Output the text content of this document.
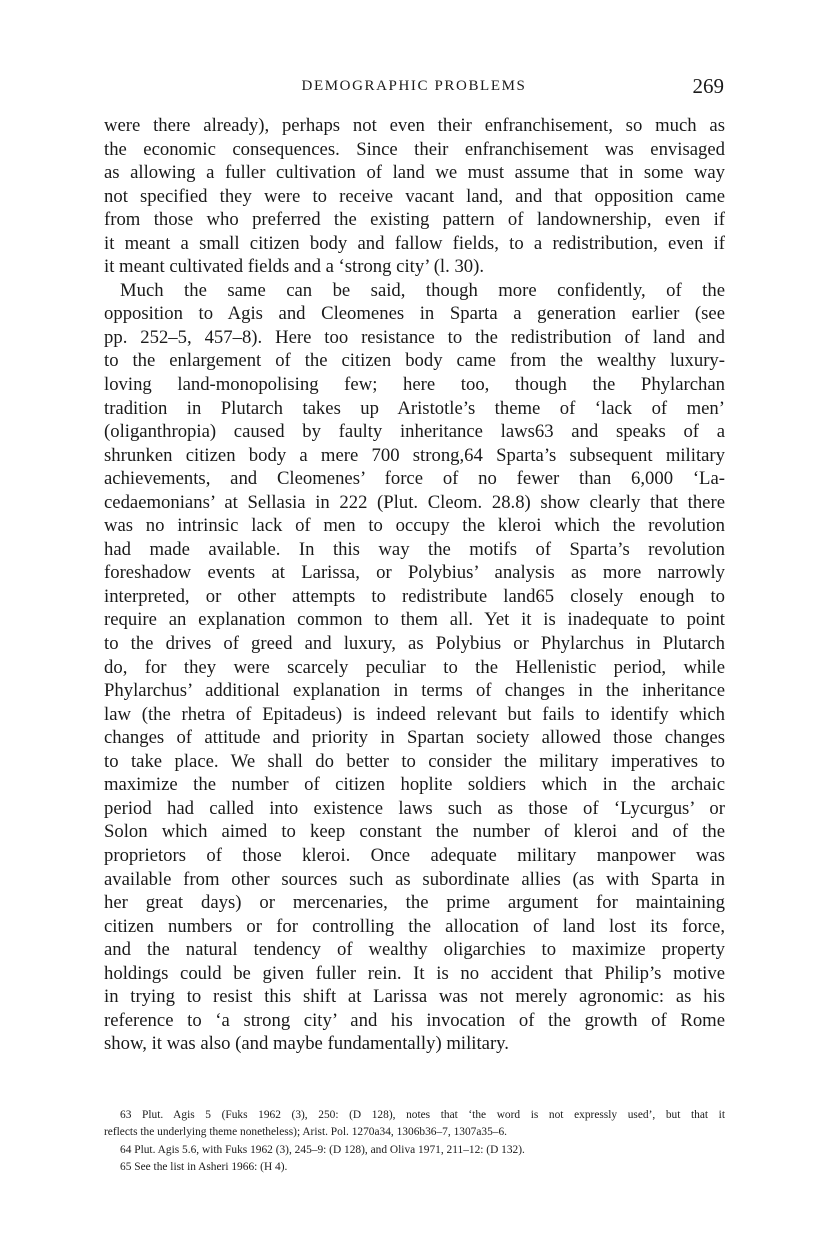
DEMOGRAPHIC PROBLEMS	269
were there already), perhaps not even their enfranchisement, so much as
the economic consequences. Since their enfranchisement was envisaged
as allowing a fuller cultivation of land we must assume that in some way
not specified they were to receive vacant land, and that opposition came
from those who preferred the existing pattern of landownership, even if
it meant a small citizen body and fallow fields, to a redistribution, even if
it meant cultivated fields and a ‘strong city’ (l. 30).
Much the same can be said, though more confidently, of the
opposition to Agis and Cleomenes in Sparta a generation earlier (see
pp. 252–5, 457–8). Here too resistance to the redistribution of land and
to the enlargement of the citizen body came from the wealthy luxury-
loving land-monopolising few; here too, though the Phylarchan
tradition in Plutarch takes up Aristotle’s theme of ‘lack of men’
(oliganthropia) caused by faulty inheritance laws63 and speaks of a
shrunken citizen body a mere 700 strong,64 Sparta’s subsequent military
achievements, and Cleomenes’ force of no fewer than 6,000 ‘La-
cedaemonians’ at Sellasia in 222 (Plut. Cleom. 28.8) show clearly that there
was no intrinsic lack of men to occupy the kleroi which the revolution
had made available. In this way the motifs of Sparta’s revolution
foreshadow events at Larissa, or Polybius’ analysis as more narrowly
interpreted, or other attempts to redistribute land65 closely enough to
require an explanation common to them all. Yet it is inadequate to point
to the drives of greed and luxury, as Polybius or Phylarchus in Plutarch
do, for they were scarcely peculiar to the Hellenistic period, while
Phylarchus’ additional explanation in terms of changes in the inheritance
law (the rhetra of Epitadeus) is indeed relevant but fails to identify which
changes of attitude and priority in Spartan society allowed those changes
to take place. We shall do better to consider the military imperatives to
maximize the number of citizen hoplite soldiers which in the archaic
period had called into existence laws such as those of ‘Lycurgus’ or
Solon which aimed to keep constant the number of kleroi and of the
proprietors of those kleroi. Once adequate military manpower was
available from other sources such as subordinate allies (as with Sparta in
her great days) or mercenaries, the prime argument for maintaining
citizen numbers or for controlling the allocation of land lost its force,
and the natural tendency of wealthy oligarchies to maximize property
holdings could be given fuller rein. It is no accident that Philip’s motive
in trying to resist this shift at Larissa was not merely agronomic: as his
reference to ‘a strong city’ and his invocation of the growth of Rome
show, it was also (and maybe fundamentally) military.
63 Plut. Agis 5 (Fuks 1962 (3), 250: (D 128), notes that ‘the word is not expressly used’, but that it
reflects the underlying theme nonetheless); Arist. Pol. 1270a34, 1306b36–7, 1307a35–6.
64 Plut. Agis 5.6, with Fuks 1962 (3), 245–9: (D 128), and Oliva 1971, 211–12: (D 132).
65 See the list in Asheri 1966: (H 4).
